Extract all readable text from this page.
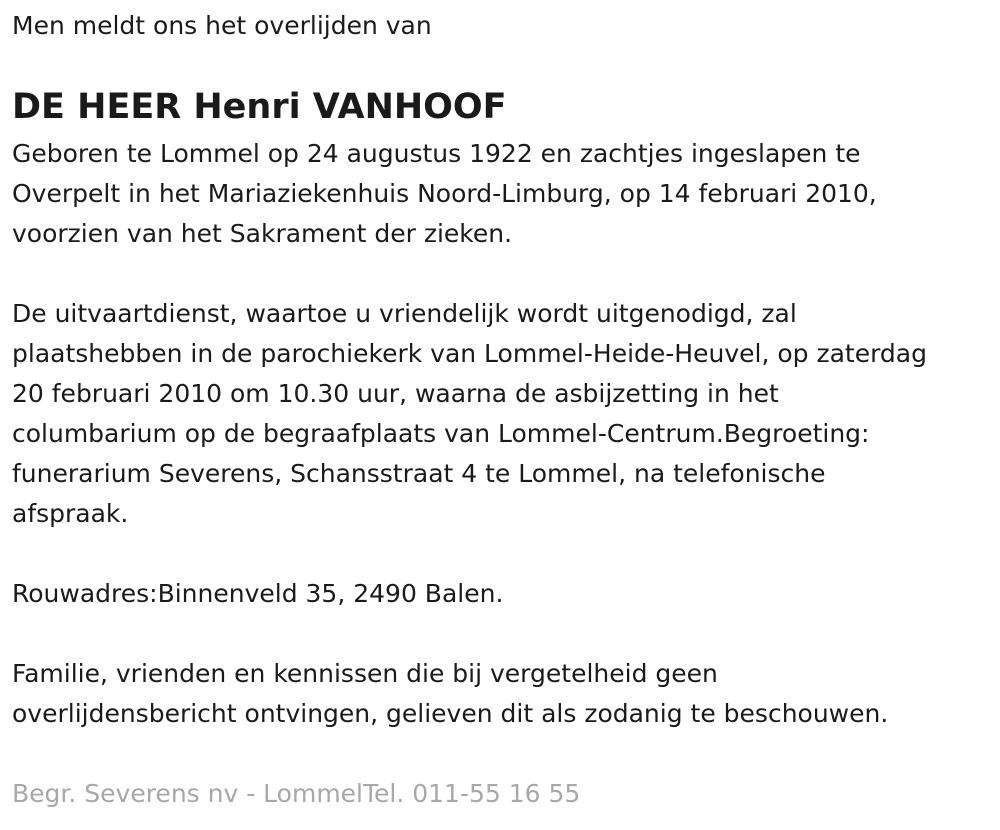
Men meldt ons het overlijden van
DE HEER Henri VANHOOF

Geboren te Lommel op 24 augustus 1922 en zachtjes ingeslapen te
Overpelt in het Mariaziekenhuis Noord-Limburg, op 14 februari 2010,
voorzien van het Sakrament der zieken.

De uitvaartdienst, waartoe u vriendelijk wordt uitgenodigd, zal
plaatshebben in de parochiekerk van Lommel-Heide-Heuvel, op zaterdag
20 februari 2010 om 10.30 uur, waarna de asbijzetting in het
columbarium op de begraafplaats van Lommel-Centrum.Begroeting:
funerarium Severens, Schansstraat 4 te Lommel, na telefonische
afspraak.

Rouwadres:Binnenveld 35, 2490 Balen.

Familie, vrienden en kennissen die bij vergetelheid geen
overlijdensbericht ontvingen, gelieven dit als zodanig te beschouwen.

Begr. Severens nv - LommelTel. 011-55 16 55
